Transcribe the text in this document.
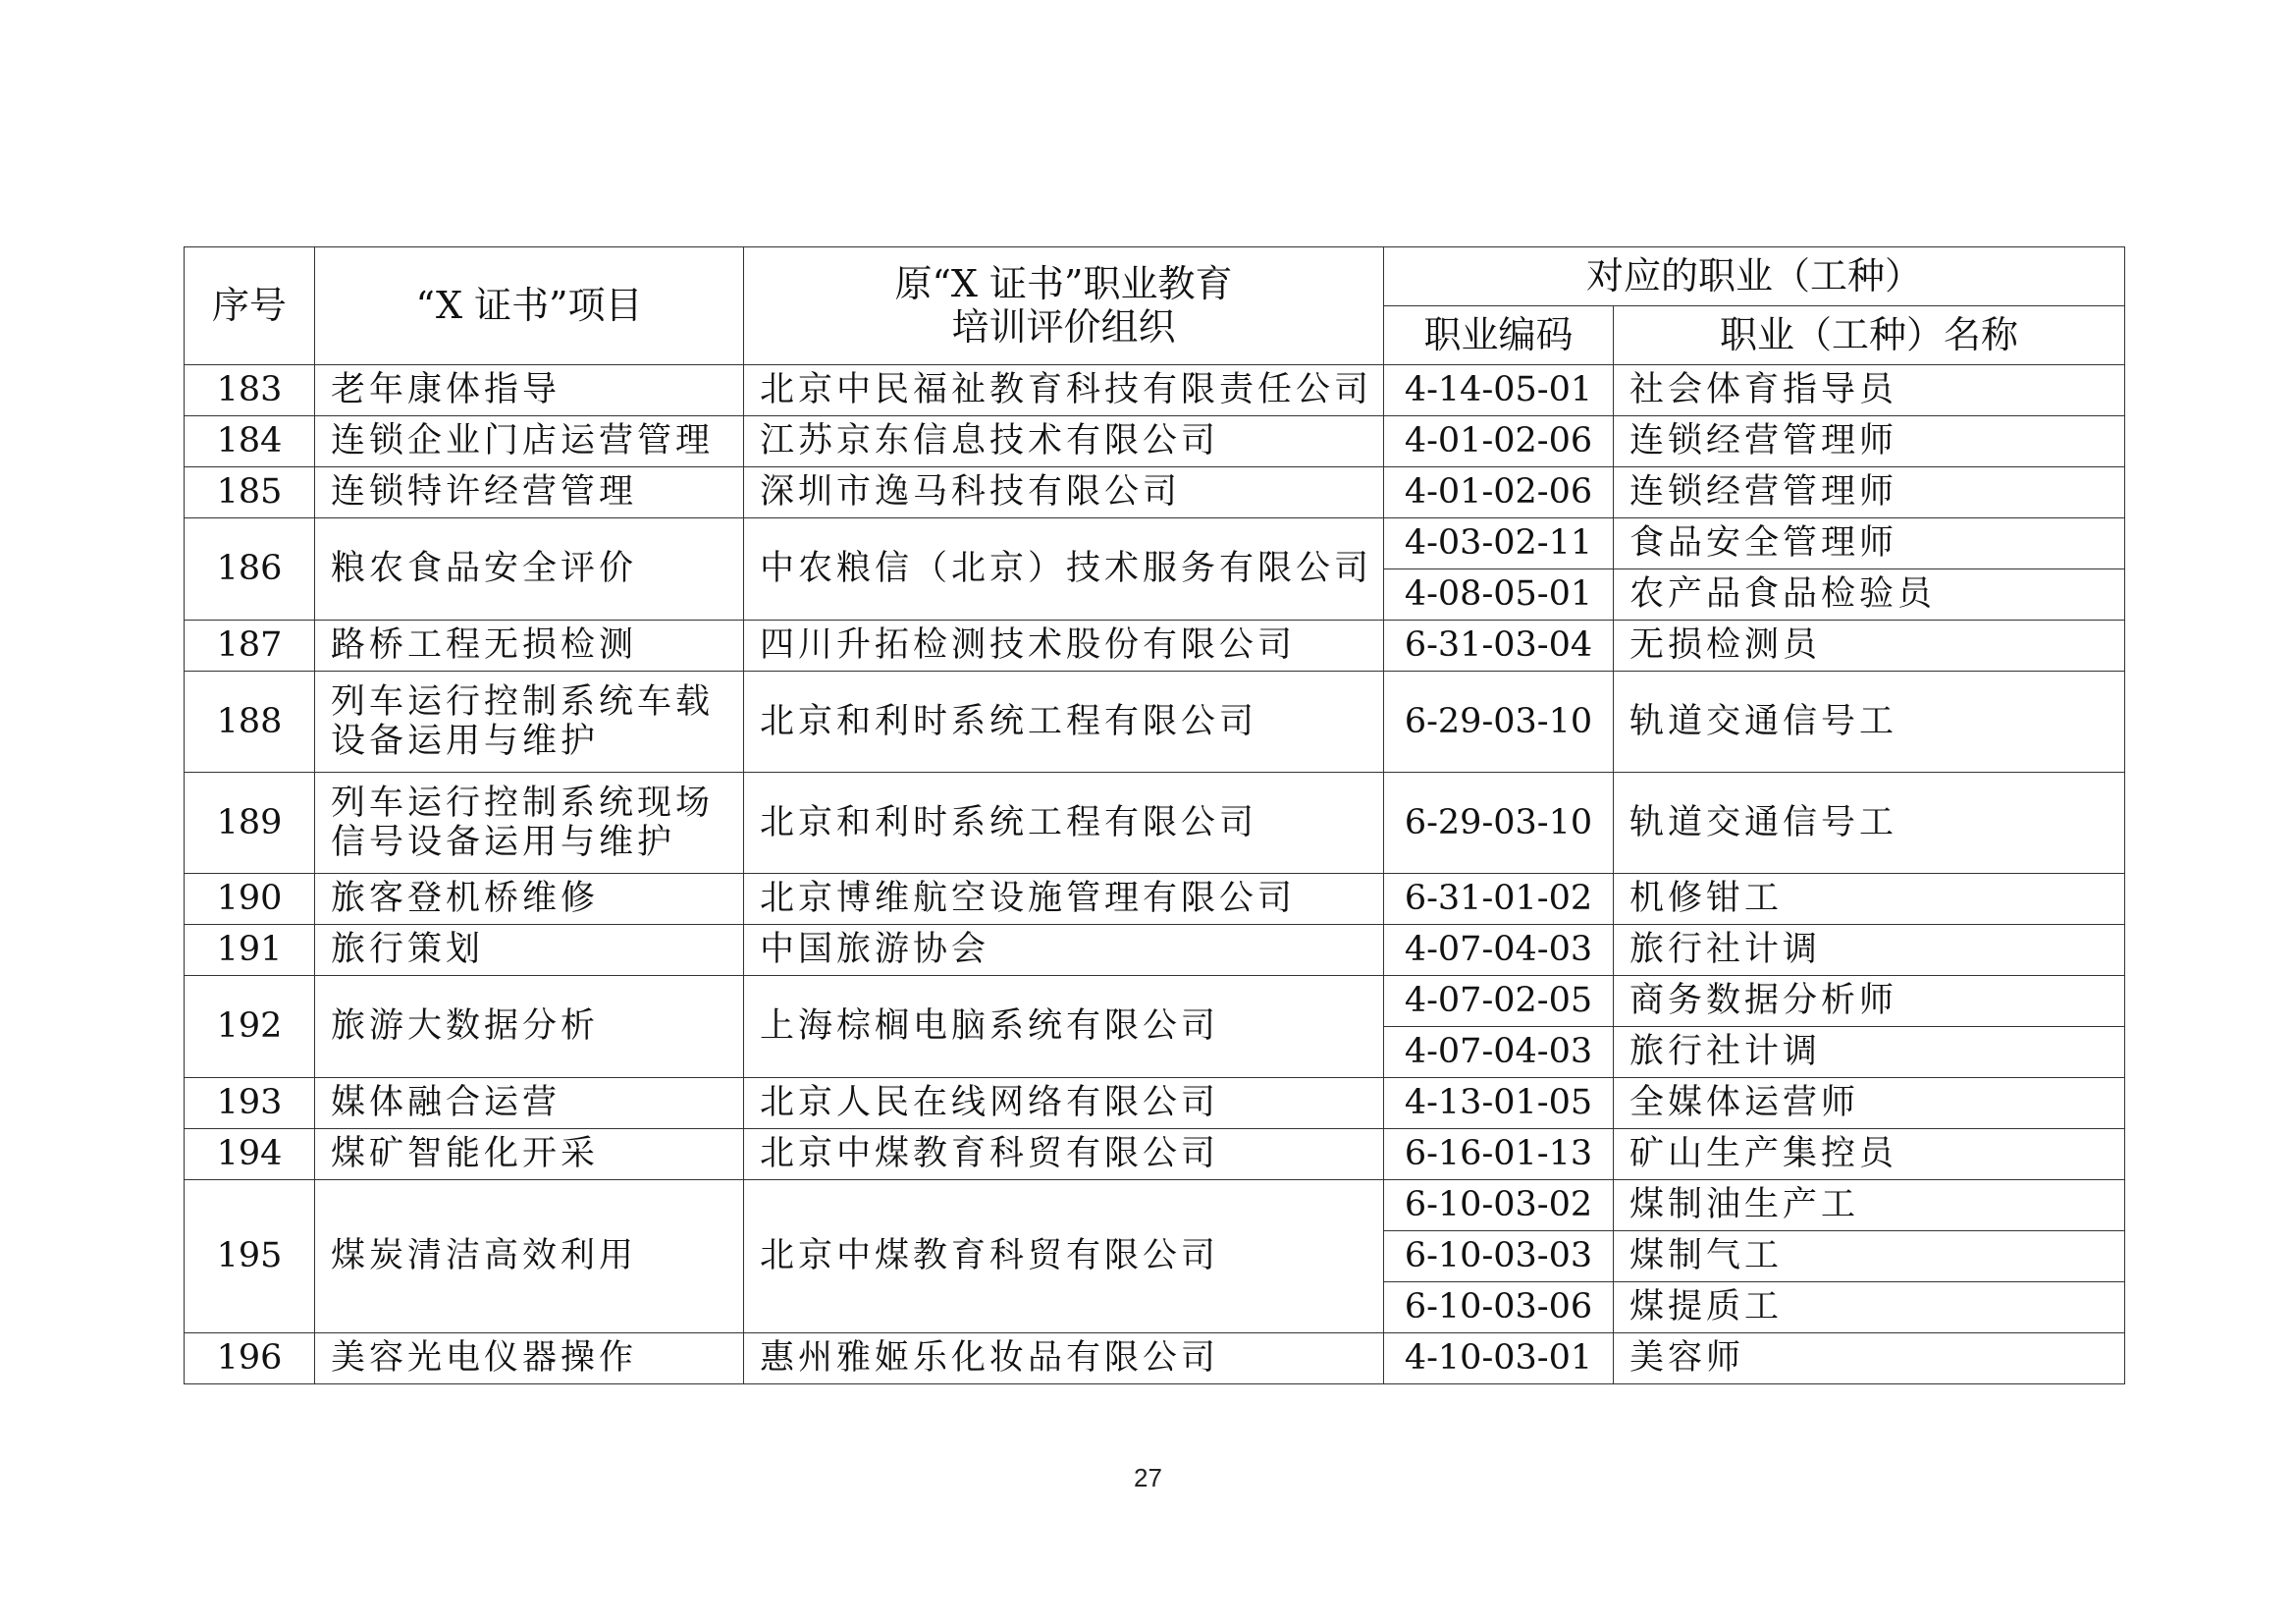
序号	“X 证书”项目	原“X 证书”职业教育
培训评价组织	对应的职业（工种）	
			职业编码	职业（工种）名称
183	老年康体指导	北京中民福祉教育科技有限责任公司	4-14-05-01	社会体育指导员
184	连锁企业门店运营管理	江苏京东信息技术有限公司	4-01-02-06	连锁经营管理师
185	连锁特许经营管理	深圳市逸马科技有限公司	4-01-02-06	连锁经营管理师
186	粮农食品安全评价	中农粮信（北京）技术服务有限公司	4-03-02-11	食品安全管理师
			4-08-05-01	农产品食品检验员
187	路桥工程无损检测	四川升拓检测技术股份有限公司	6-31-03-04	无损检测员
188	列车运行控制系统车载
设备运用与维护	北京和利时系统工程有限公司	6-29-03-10	轨道交通信号工
189	列车运行控制系统现场
信号设备运用与维护	北京和利时系统工程有限公司	6-29-03-10	轨道交通信号工
190	旅客登机桥维修	北京博维航空设施管理有限公司	6-31-01-02	机修钳工
191	旅行策划	中国旅游协会	4-07-04-03	旅行社计调
192	旅游大数据分析	上海棕榈电脑系统有限公司	4-07-02-05	商务数据分析师
			4-07-04-03	旅行社计调
193	媒体融合运营	北京人民在线网络有限公司	4-13-01-05	全媒体运营师
194	煤矿智能化开采	北京中煤教育科贸有限公司	6-16-01-13	矿山生产集控员
195	煤炭清洁高效利用	北京中煤教育科贸有限公司	6-10-03-02	煤制油生产工
			6-10-03-03	煤制气工
			6-10-03-06	煤提质工
196	美容光电仪器操作	惠州雅姬乐化妆品有限公司	4-10-03-01	美容师
27
